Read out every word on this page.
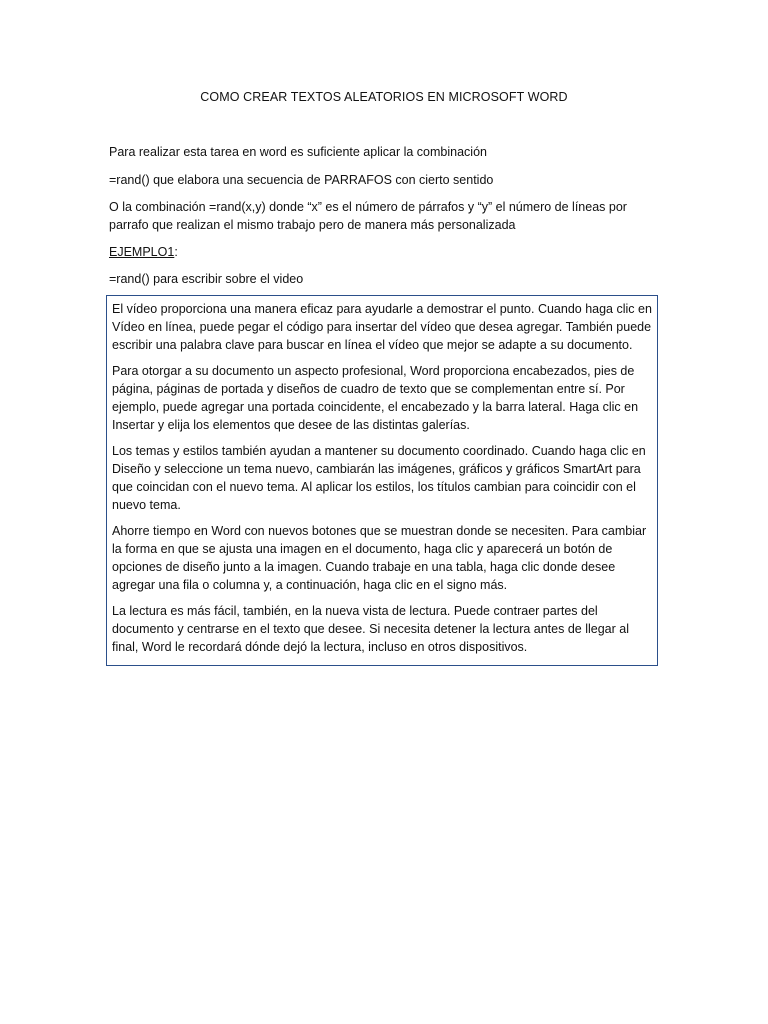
COMO CREAR TEXTOS ALEATORIOS EN MICROSOFT WORD

Para realizar esta tarea en word es suficiente aplicar la combinación

=rand() que elabora una secuencia de PARRAFOS con cierto sentido

O la combinación =rand(x,y) donde “x” es el número de párrafos y “y” el número de líneas por parrafo que realizan el mismo trabajo pero de manera más personalizada

EJEMPLO1:

=rand() para escribir sobre el video

El vídeo proporciona una manera eficaz para ayudarle a demostrar el punto. Cuando haga clic en Vídeo en línea, puede pegar el código para insertar del vídeo que desea agregar. También puede escribir una palabra clave para buscar en línea el vídeo que mejor se adapte a su documento.

Para otorgar a su documento un aspecto profesional, Word proporciona encabezados, pies de página, páginas de portada y diseños de cuadro de texto que se complementan entre sí. Por ejemplo, puede agregar una portada coincidente, el encabezado y la barra lateral. Haga clic en Insertar y elija los elementos que desee de las distintas galerías.

Los temas y estilos también ayudan a mantener su documento coordinado. Cuando haga clic en Diseño y seleccione un tema nuevo, cambiarán las imágenes, gráficos y gráficos SmartArt para que coincidan con el nuevo tema. Al aplicar los estilos, los títulos cambian para coincidir con el nuevo tema.

Ahorre tiempo en Word con nuevos botones que se muestran donde se necesiten. Para cambiar la forma en que se ajusta una imagen en el documento, haga clic y aparecerá un botón de opciones de diseño junto a la imagen. Cuando trabaje en una tabla, haga clic donde desee agregar una fila o columna y, a continuación, haga clic en el signo más.

La lectura es más fácil, también, en la nueva vista de lectura. Puede contraer partes del documento y centrarse en el texto que desee. Si necesita detener la lectura antes de llegar al final, Word le recordará dónde dejó la lectura, incluso en otros dispositivos.
